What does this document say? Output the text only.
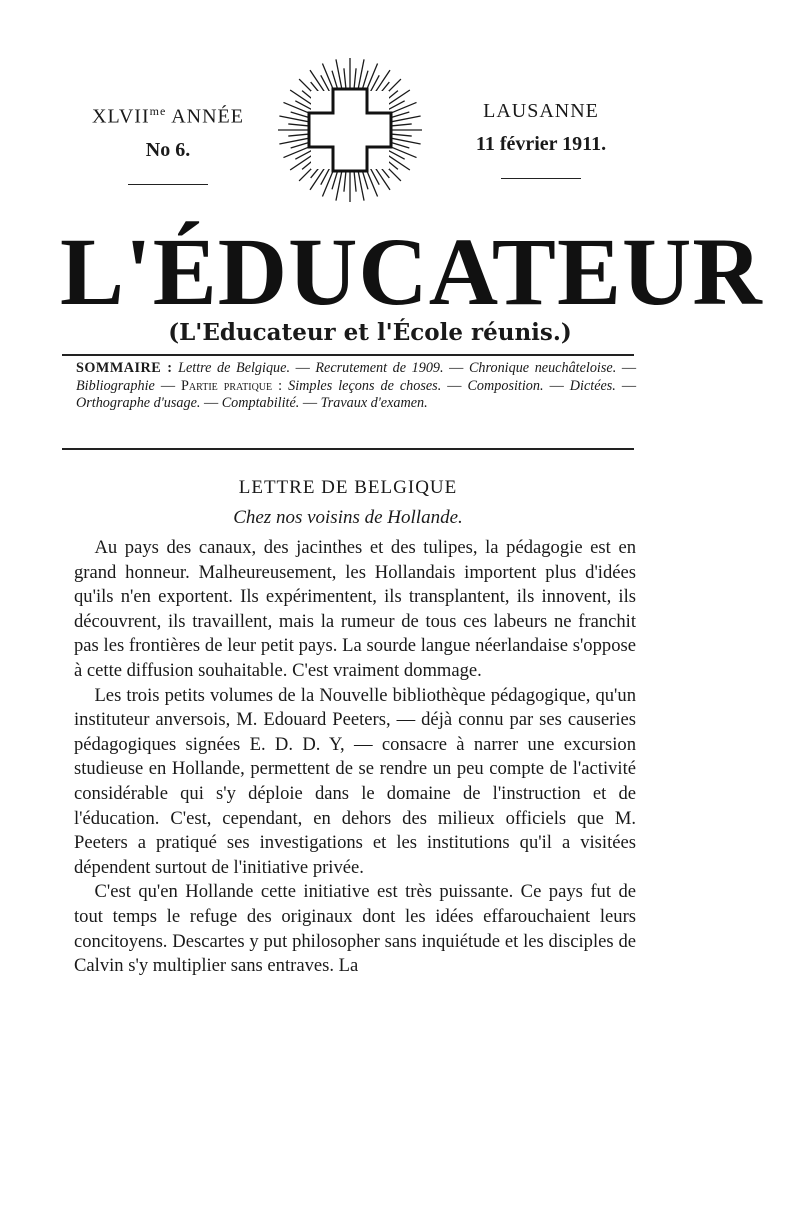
$XLVII^{me}$ ANNÉE
No 6.
LAUSANNE
11 février 1911.
L'ÉDUCATEUR
(L'Educateur et l'École réunis.)
SOMMAIRE : Lettre de Belgique. — Recrutement de 1909. — Chronique neuchâteloise. — Bibliographie — Partie pratique : Simples leçons de choses. — Composition. — Dictées. — Orthographe d'usage. — Comptabilité. — Travaux d'examen.
LETTRE DE BELGIQUE
Chez nos voisins de Hollande.

Au pays des canaux, des jacinthes et des tulipes, la pédagogie est en grand honneur. Malheureusement, les Hollandais importent plus d'idées qu'ils n'en exportent. Ils expérimentent, ils transplantent, ils innovent, ils découvrent, ils travaillent, mais la rumeur de tous ces labeurs ne franchit pas les frontières de leur petit pays. La sourde langue néerlandaise s'oppose à cette diffusion souhaitable. C'est vraiment dommage.

Les trois petits volumes de la Nouvelle bibliothèque pédagogique, qu'un instituteur anversois, M. Edouard Peeters, — déjà connu par ses causeries pédagogiques signées E. D. D. Y, — consacre à narrer une excursion studieuse en Hollande, permettent de se rendre un peu compte de l'activité considérable qui s'y déploie dans le domaine de l'instruction et de l'éducation. C'est, cependant, en dehors des milieux officiels que M. Peeters a pratiqué ses investigations et les institutions qu'il a visitées dépendent surtout de l'initiative privée.

C'est qu'en Hollande cette initiative est très puissante. Ce pays fut de tout temps le refuge des originaux dont les idées effarouchaient leurs concitoyens. Descartes y put philosopher sans inquiétude et les disciples de Calvin s'y multiplier sans entraves. La
